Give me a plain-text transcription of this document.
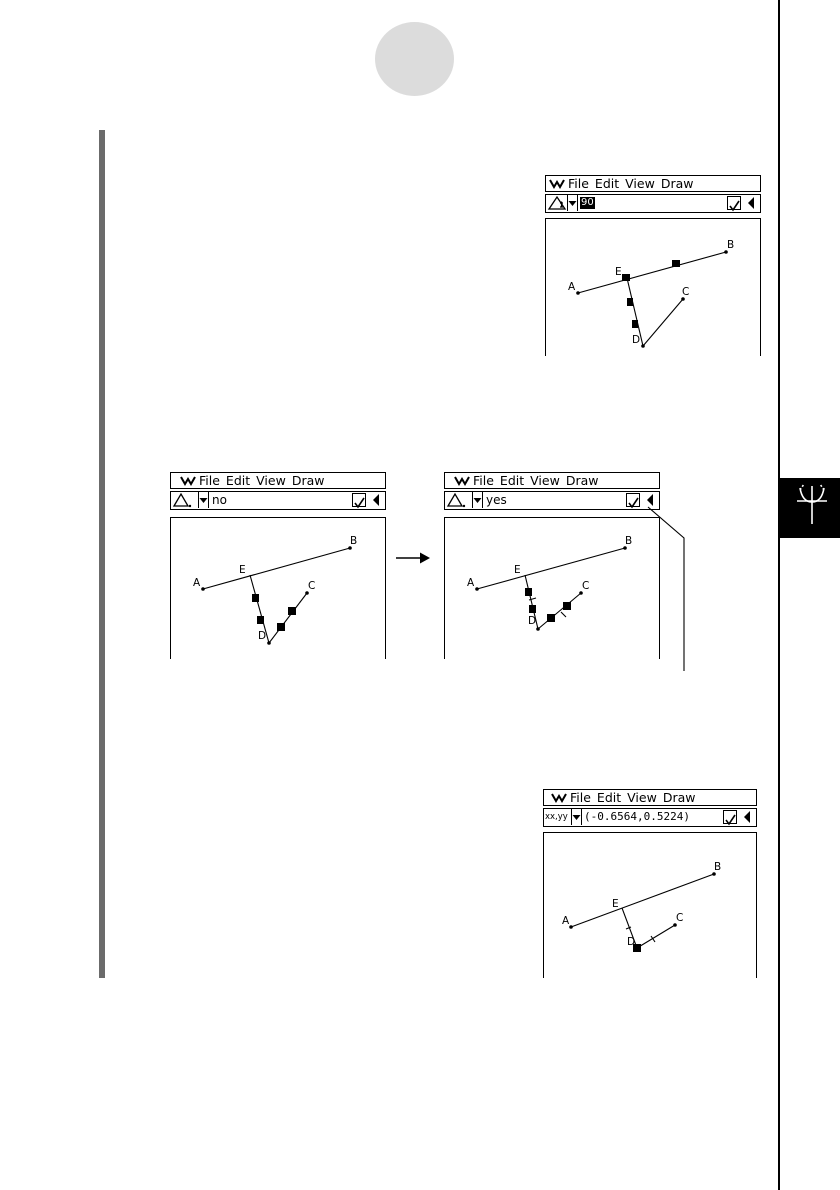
File Edit View Draw
90
A
B
C
D
E
File Edit View Draw
no
A
B
C
D
E
File Edit View Draw
yes
A
B
C
D
E
File Edit View Draw
xx,yy (-0.6564,0.5224)
A
B
C
D
E
